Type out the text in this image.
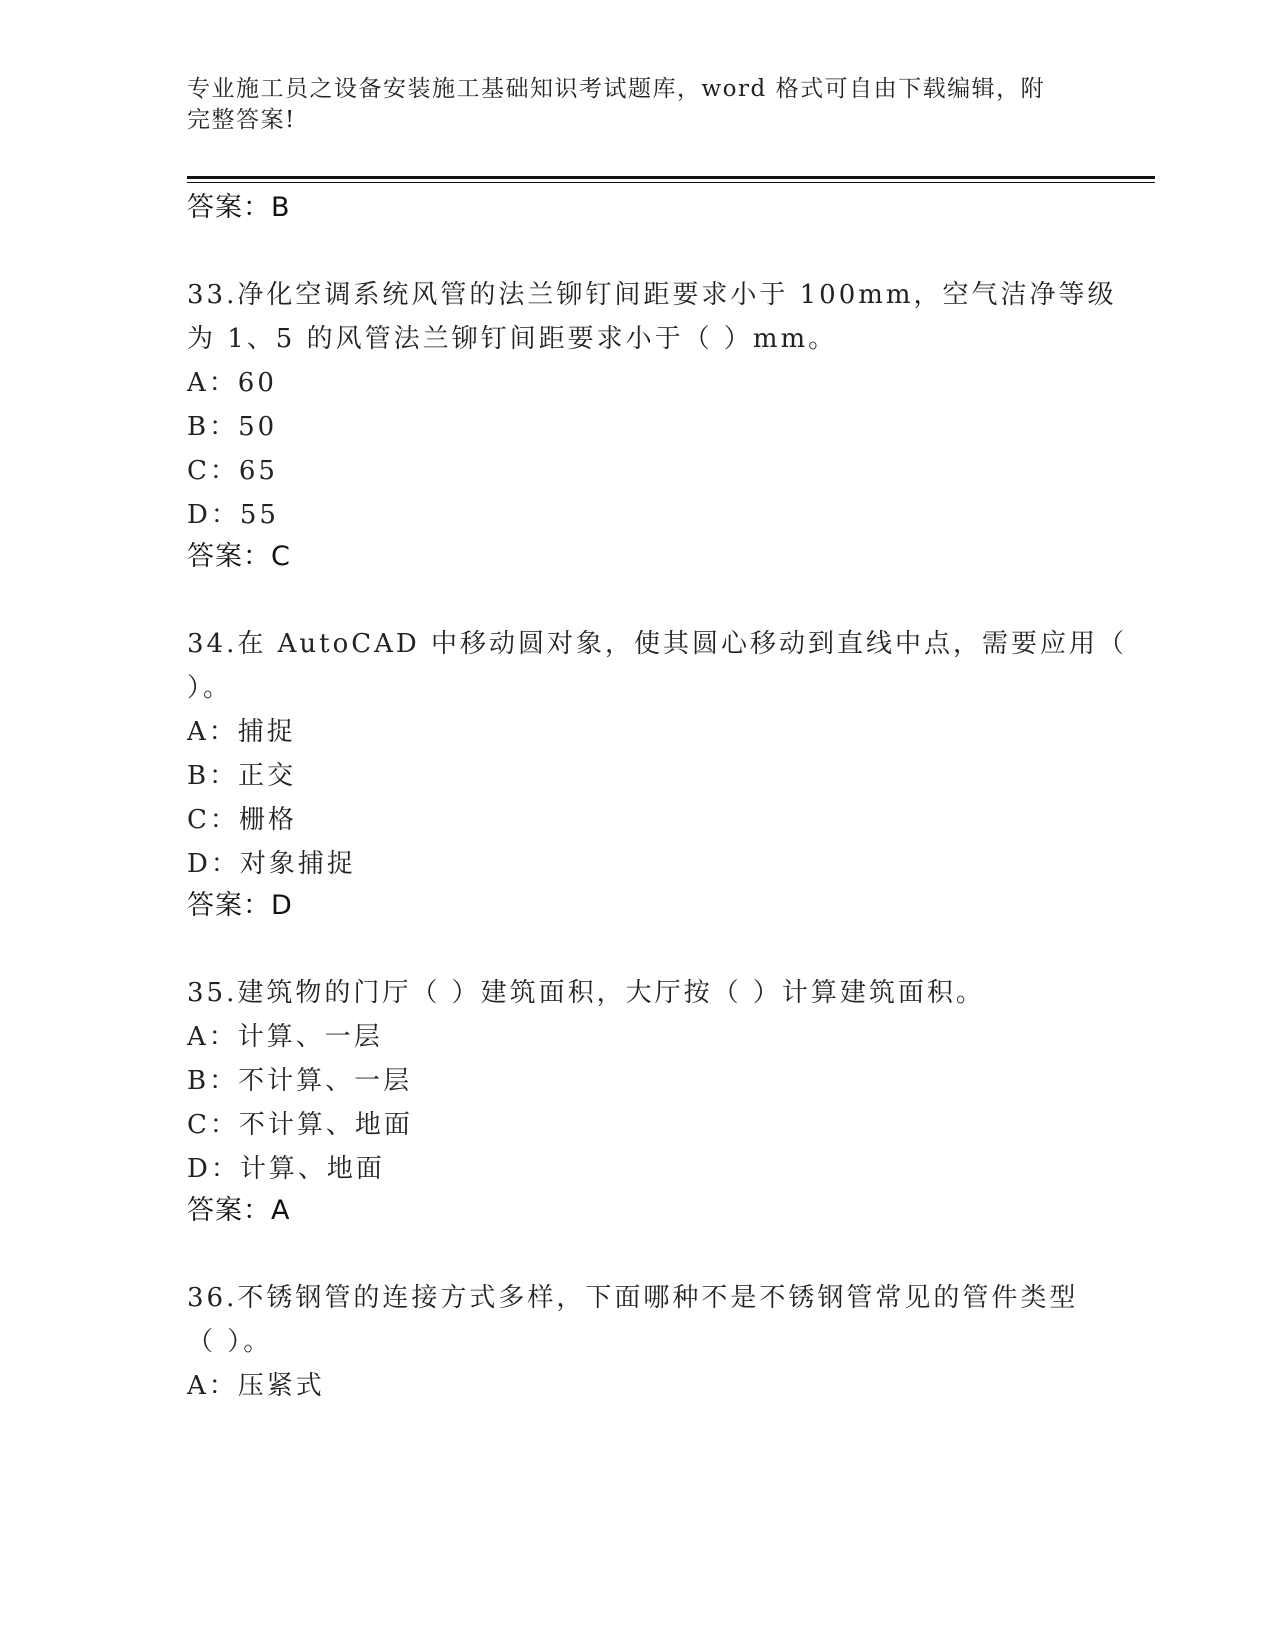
专业施工员之设备安装施工基础知识考试题库，word 格式可自由下载编辑，附完整答案!
答案：B
33.净化空调系统风管的法兰铆钉间距要求小于 100mm，空气洁净等级
为 1、5 的风管法兰铆钉间距要求小于（ ）mm。
A：60
B：50
C：65
D：55
答案：C
34.在 AutoCAD 中移动圆对象，使其圆心移动到直线中点，需要应用（
）。
A：捕捉
B：正交
C：栅格
D：对象捕捉
答案：D
35.建筑物的门厅（ ）建筑面积，大厅按（ ）计算建筑面积。
A：计算、一层
B：不计算、一层
C：不计算、地面
D：计算、地面
答案：A
36.不锈钢管的连接方式多样，下面哪种不是不锈钢管常见的管件类型
（ ）。
A：压紧式
